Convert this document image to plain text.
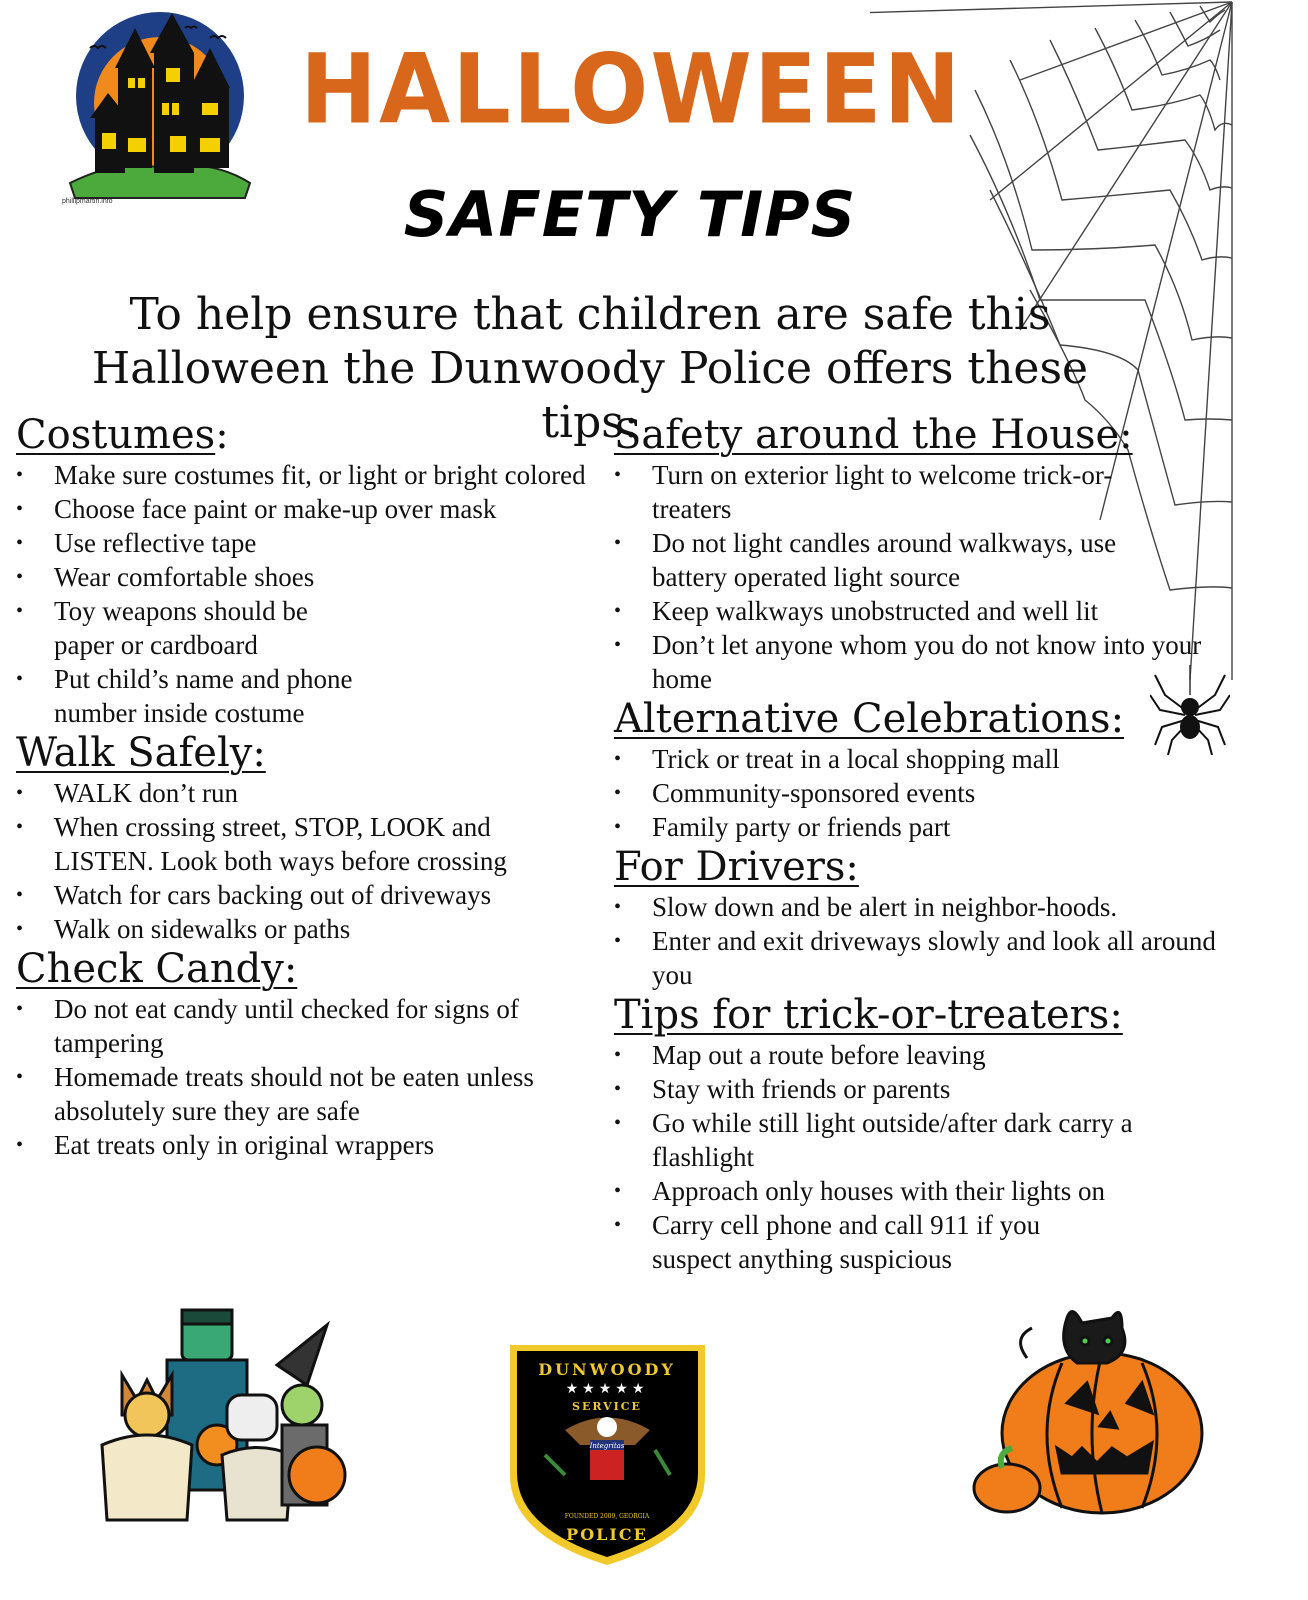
phillipmartin.info
HALLOWEEN
SAFETY TIPS
To help ensure that children are safe this
Halloween the Dunwoody Police offers these tips:
Costumes:
• Make sure costumes fit, or light or bright colored
• Choose face paint or make-up over mask
• Use reflective tape
• Wear comfortable shoes
• Toy weapons should be paper or cardboard
• Put child’s name and phone number inside costume
Walk Safely:
• WALK don’t run
• When crossing street, STOP, LOOK and LISTEN. Look both ways before crossing
• Watch for cars backing out of driveways
• Walk on sidewalks or paths
Check Candy:
• Do not eat candy until checked for signs of tampering
• Homemade treats should not be eaten unless absolutely sure they are safe
• Eat treats only in original wrappers
Safety around the House:
• Turn on exterior light to welcome trick-or-treaters
• Do not light candles around walkways, use battery operated light source
• Keep walkways unobstructed and well lit
• Don’t let anyone whom you do not know into your home
Alternative Celebrations:
• Trick or treat in a local shopping mall
• Community-sponsored events
• Family party or friends part
For Drivers:
• Slow down and be alert in neighbor-hoods.
• Enter and exit driveways slowly and look all around you
Tips for trick-or-treaters:
• Map out a route before leaving
• Stay with friends or parents
• Go while still light outside/after dark carry a flashlight
• Approach only houses with their lights on
• Carry cell phone and call 911 if you suspect anything suspicious
DUNWOODY
★★★★★
SERVICE
Integritas
FOUNDED 2009, GEORGIA
POLICE
